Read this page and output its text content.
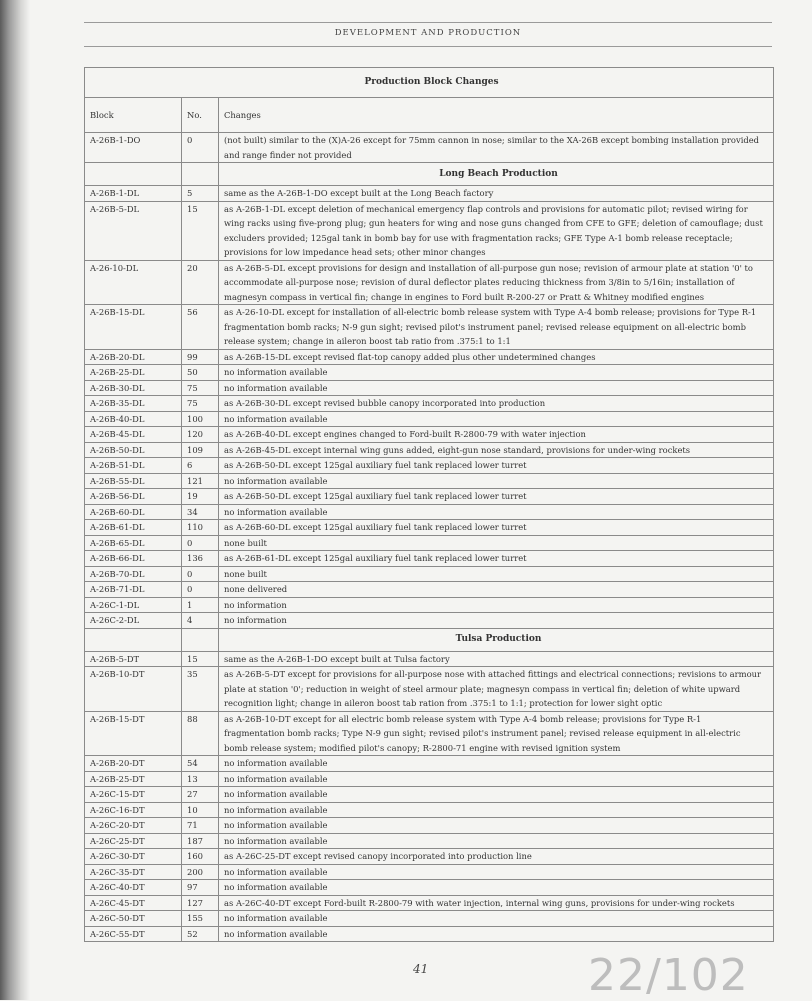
DEVELOPMENT AND PRODUCTION
Production Block Changes		
Block	No.	Changes
A-26B-1-DO	0	(not built) similar to the (X)A-26 except for 75mm cannon in nose; similar to the XA-26B except bombing installation provided and range finder not provided
		Long Beach Production
A-26B-1-DL	5	same as the A-26B-1-DO except built at the Long Beach factory
A-26B-5-DL	15	as A-26B-1-DL except deletion of mechanical emergency flap controls and provisions for automatic pilot; revised wiring for wing racks using five-prong plug; gun heaters for wing and nose guns changed from CFE to GFE; deletion of camouflage; dust excluders provided; 125gal tank in bomb bay for use with fragmentation racks; GFE Type A-1 bomb release receptacle; provisions for low impedance head sets; other minor changes
A-26-10-DL	20	as A-26B-5-DL except provisions for design and installation of all-purpose gun nose; revision of armour plate at station '0' to accommodate all-purpose nose; revision of dural deflector plates reducing thickness from 3/8in to 5/16in; installation of magnesyn compass in vertical fin; change in engines to Ford built R-200-27 or Pratt & Whitney modified engines
A-26B-15-DL	56	as A-26-10-DL except for installation of all-electric bomb release system with Type A-4 bomb release; provisions for Type R-1 fragmentation bomb racks; N-9 gun sight; revised pilot's instrument panel; revised release equipment on all-electric bomb release system; change in aileron boost tab ratio from .375:1 to 1:1
A-26B-20-DL	99	as A-26B-15-DL except revised flat-top canopy added plus other undetermined changes
A-26B-25-DL	50	no information available
A-26B-30-DL	75	no information available
A-26B-35-DL	75	as A-26B-30-DL except revised bubble canopy incorporated into production
A-26B-40-DL	100	no information available
A-26B-45-DL	120	as A-26B-40-DL except engines changed to Ford-built R-2800-79 with water injection
A-26B-50-DL	109	as A-26B-45-DL except internal wing guns added, eight-gun nose standard, provisions for under-wing rockets
A-26B-51-DL	6	as A-26B-50-DL except 125gal auxiliary fuel tank replaced lower turret
A-26B-55-DL	121	no information available
A-26B-56-DL	19	as A-26B-50-DL except 125gal auxiliary fuel tank replaced lower turret
A-26B-60-DL	34	no information available
A-26B-61-DL	110	as A-26B-60-DL except 125gal auxiliary fuel tank replaced lower turret
A-26B-65-DL	0	none built
A-26B-66-DL	136	as A-26B-61-DL except 125gal auxiliary fuel tank replaced lower turret
A-26B-70-DL	0	none built
A-26B-71-DL	0	none delivered
A-26C-1-DL	1	no information
A-26C-2-DL	4	no information
		Tulsa Production
A-26B-5-DT	15	same as the A-26B-1-DO except built at Tulsa factory
A-26B-10-DT	35	as A-26B-5-DT except for provisions for all-purpose nose with attached fittings and electrical connections; revisions to armour plate at station '0'; reduction in weight of steel armour plate; magnesyn compass in vertical fin; deletion of white upward recognition light; change in aileron boost tab ration from .375:1 to 1:1; protection for lower sight optic
A-26B-15-DT	88	as A-26B-10-DT except for all electric bomb release system with Type A-4 bomb release; provisions for Type R-1 fragmentation bomb racks; Type N-9 gun sight; revised pilot's instrument panel; revised release equipment in all-electric bomb release system; modified pilot's canopy; R-2800-71 engine with revised ignition system
A-26B-20-DT	54	no information available
A-26B-25-DT	13	no information available
A-26C-15-DT	27	no information available
A-26C-16-DT	10	no information available
A-26C-20-DT	71	no information available
A-26C-25-DT	187	no information available
A-26C-30-DT	160	as A-26C-25-DT except revised canopy incorporated into production line
A-26C-35-DT	200	no information available
A-26C-40-DT	97	no information available
A-26C-45-DT	127	as A-26C-40-DT except Ford-built R-2800-79 with water injection, internal wing guns, provisions for under-wing rockets
A-26C-50-DT	155	no information available
A-26C-55-DT	52	no information available
41	22/102
